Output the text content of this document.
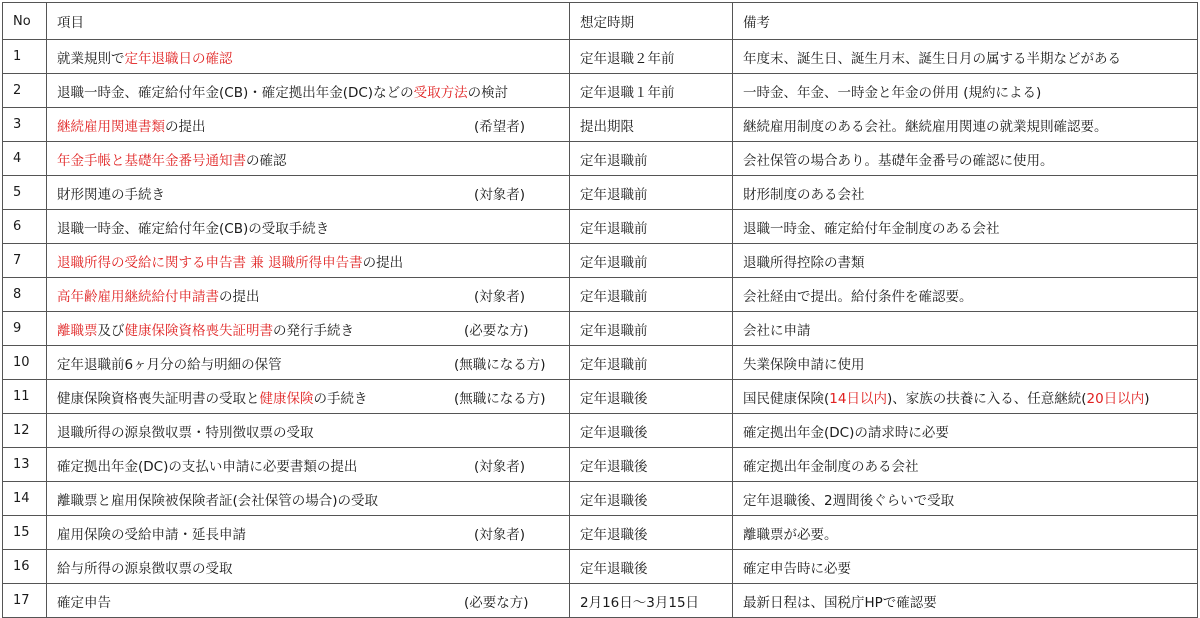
No	項目	想定時期	備考
1	就業規則で定年退職日の確認	定年退職２年前	年度末、誕生日、誕生月末、誕生日月の属する半期などがある
2	退職一時金、確定給付年金(CB)・確定拠出年金(DC)などの受取方法の検討	定年退職１年前	一時金、年金、一時金と年金の併用 (規約による)
3	継続雇用関連書類の提出 (希望者)	提出期限	継続雇用制度のある会社。継続雇用関連の就業規則確認要。
4	年金手帳と基礎年金番号通知書の確認	定年退職前	会社保管の場合あり。基礎年金番号の確認に使用。
5	財形関連の手続き (対象者)	定年退職前	財形制度のある会社
6	退職一時金、確定給付年金(CB)の受取手続き	定年退職前	退職一時金、確定給付年金制度のある会社
7	退職所得の受給に関する申告書 兼 退職所得申告書の提出	定年退職前	退職所得控除の書類
8	高年齢雇用継続給付申請書の提出 (対象者)	定年退職前	会社経由で提出。給付条件を確認要。
9	離職票及び健康保険資格喪失証明書の発行手続き (必要な方)	定年退職前	会社に申請
10	定年退職前6ヶ月分の給与明細の保管 (無職になる方)	定年退職前	失業保険申請に使用
11	健康保険資格喪失証明書の受取と健康保険の手続き (無職になる方)	定年退職後	国民健康保険(14日以内)、家族の扶養に入る、任意継続(20日以内)
12	退職所得の源泉徴収票・特別徴収票の受取	定年退職後	確定拠出年金(DC)の請求時に必要
13	確定拠出年金(DC)の支払い申請に必要書類の提出 (対象者)	定年退職後	確定拠出年金制度のある会社
14	離職票と雇用保険被保険者証(会社保管の場合)の受取	定年退職後	定年退職後、2週間後ぐらいで受取
15	雇用保険の受給申請・延長申請 (対象者)	定年退職後	離職票が必要。
16	給与所得の源泉徴収票の受取	定年退職後	確定申告時に必要
17	確定申告 (必要な方)	2月16日〜3月15日	最新日程は、国税庁HPで確認要
